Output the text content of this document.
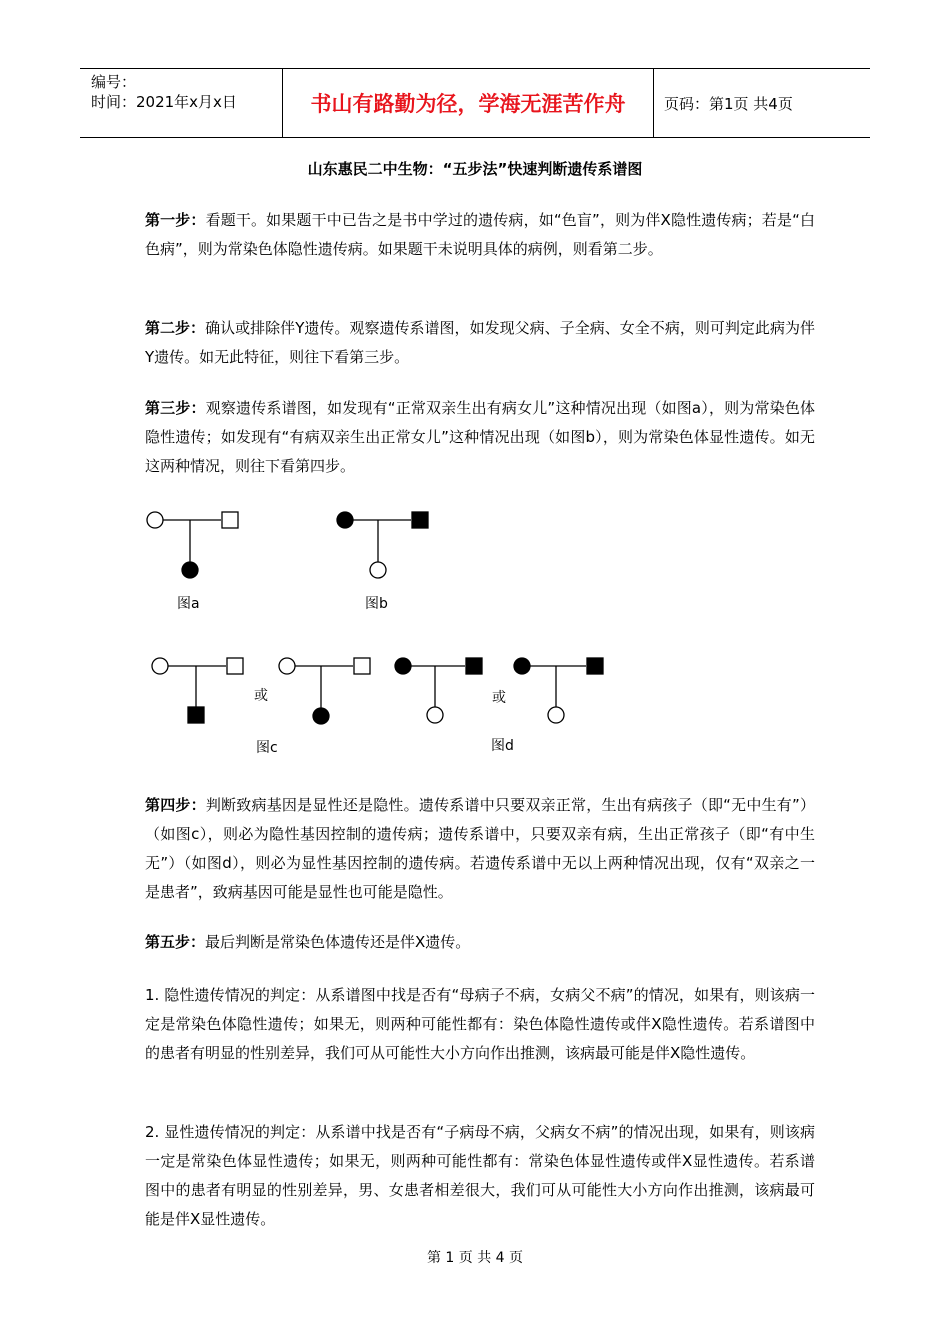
编号：
时间：2021年x月x日	书山有路勤为径，学海无涯苦作舟	页码：第1页 共4页
山东惠民二中生物：“五步法”快速判断遗传系谱图
第一步：看题干。如果题干中已告之是书中学过的遗传病，如“色盲”，则为伴X隐性遗传病；若是“白色病”，则为常染色体隐性遗传病。如果题干未说明具体的病例，则看第二步。
第二步：确认或排除伴Y遗传。观察遗传系谱图，如发现父病、子全病、女全不病，则可判定此病为伴Y遗传。如无此特征，则往下看第三步。
第三步：观察遗传系谱图，如发现有“正常双亲生出有病女儿”这种情况出现（如图a），则为常染色体隐性遗传；如发现有“有病双亲生出正常女儿”这种情况出现（如图b），则为常染色体显性遗传。如无这两种情况，则往下看第四步。
图a	图b
或
图c
或
图d
第四步：判断致病基因是显性还是隐性。遗传系谱中只要双亲正常，生出有病孩子（即“无中生有”）（如图c），则必为隐性基因控制的遗传病；遗传系谱中，只要双亲有病，生出正常孩子（即“有中生无”）（如图d），则必为显性基因控制的遗传病。若遗传系谱中无以上两种情况出现，仅有“双亲之一是患者”，致病基因可能是显性也可能是隐性。
第五步：最后判断是常染色体遗传还是伴X遗传。
1. 隐性遗传情况的判定：从系谱图中找是否有“母病子不病，女病父不病”的情况，如果有，则该病一定是常染色体隐性遗传；如果无，则两种可能性都有：染色体隐性遗传或伴X隐性遗传。若系谱图中的患者有明显的性别差异，我们可从可能性大小方向作出推测，该病最可能是伴X隐性遗传。
2. 显性遗传情况的判定：从系谱中找是否有“子病母不病，父病女不病”的情况出现，如果有，则该病一定是常染色体显性遗传；如果无，则两种可能性都有：常染色体显性遗传或伴X显性遗传。若系谱图中的患者有明显的性别差异，男、女患者相差很大，我们可从可能性大小方向作出推测，该病最可能是伴X显性遗传。
第 1 页 共 4 页
